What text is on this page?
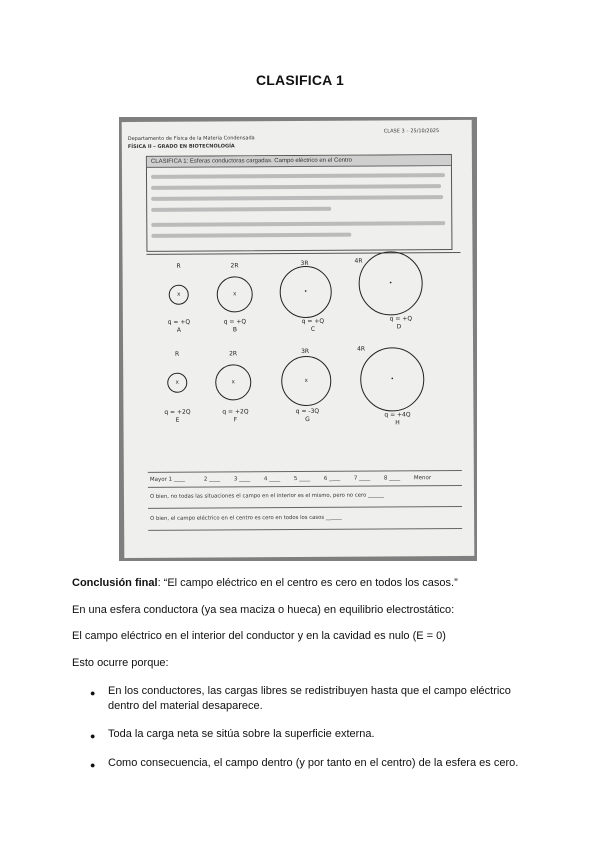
CLASIFICA 1
Departamento de Física de la Materia Condensada
FÍSICA II – GRADO EN BIOTECNOLOGÍA
CLASE 3 – 25/10/2025
CLASIFICA 1: Esferas conductoras cargadas. Campo eléctrico en el Centro
R
x
q = +Q
A
2R
x
q = +Q
B
3R
•
q = +Q
C
4R
•
q = +Q
D
R
x
q = +2Q
E
2R
x
q = +2Q
F
3R
x
q = -3Q
G
4R
•
q = +4Q
H
Mayor 1 ____	2 ____ 3 ____ 4 ____ 5 ____ 6 ____ 7 ____ 8 ____ Menor
O bien, no todas las situaciones el campo en el interior es el mismo, pero no cero ______
O bien, el campo eléctrico en el centro es cero en todos los casos ______
Conclusión final: “El campo eléctrico en el centro es cero en todos los casos.”
En una esfera conductora (ya sea maciza o hueca) en equilibrio electrostático:
El campo eléctrico en el interior del conductor y en la cavidad es nulo (E = 0)
Esto ocurre porque:
● En los conductores, las cargas libres se redistribuyen hasta que el campo eléctrico dentro del material desaparece.
● Toda la carga neta se sitúa sobre la superficie externa.
● Como consecuencia, el campo dentro (y por tanto en el centro) de la esfera es cero.
